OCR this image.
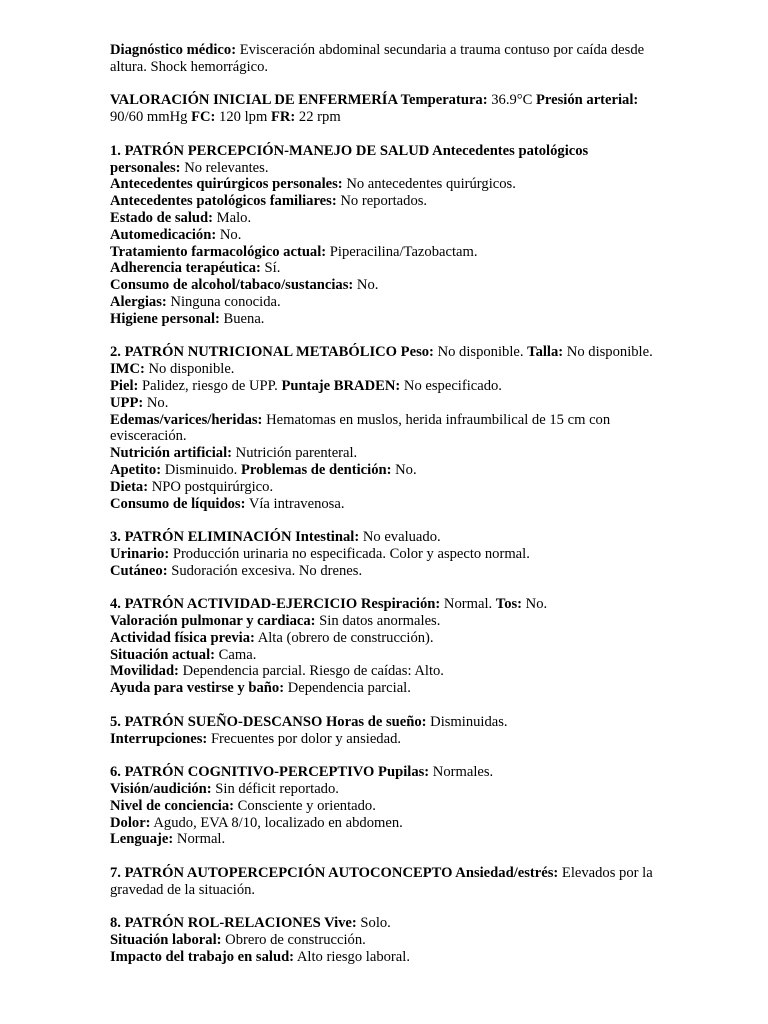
Diagnóstico médico: Evisceración abdominal secundaria a trauma contuso por caída desde altura. Shock hemorrágico.
VALORACIÓN INICIAL DE ENFERMERÍA Temperatura: 36.9°C Presión arterial: 90/60 mmHg FC: 120 lpm FR: 22 rpm
1. PATRÓN PERCEPCIÓN-MANEJO DE SALUD Antecedentes patológicos personales: No relevantes.
Antecedentes quirúrgicos personales: No antecedentes quirúrgicos.
Antecedentes patológicos familiares: No reportados.
Estado de salud: Malo.
Automedicación: No.
Tratamiento farmacológico actual: Piperacilina/Tazobactam.
Adherencia terapéutica: Sí.
Consumo de alcohol/tabaco/sustancias: No.
Alergias: Ninguna conocida.
Higiene personal: Buena.
2. PATRÓN NUTRICIONAL METABÓLICO Peso: No disponible. Talla: No disponible. IMC: No disponible.
Piel: Palidez, riesgo de UPP. Puntaje BRADEN: No especificado.
UPP: No.
Edemas/varices/heridas: Hematomas en muslos, herida infraumbilical de 15 cm con evisceración.
Nutrición artificial: Nutrición parenteral.
Apetito: Disminuido. Problemas de dentición: No.
Dieta: NPO postquirúrgico.
Consumo de líquidos: Vía intravenosa.
3. PATRÓN ELIMINACIÓN Intestinal: No evaluado.
Urinario: Producción urinaria no especificada. Color y aspecto normal.
Cutáneo: Sudoración excesiva. No drenes.
4. PATRÓN ACTIVIDAD-EJERCICIO Respiración: Normal. Tos: No.
Valoración pulmonar y cardiaca: Sin datos anormales.
Actividad física previa: Alta (obrero de construcción).
Situación actual: Cama.
Movilidad: Dependencia parcial. Riesgo de caídas: Alto.
Ayuda para vestirse y baño: Dependencia parcial.
5. PATRÓN SUEÑO-DESCANSO Horas de sueño: Disminuidas.
Interrupciones: Frecuentes por dolor y ansiedad.
6. PATRÓN COGNITIVO-PERCEPTIVO Pupilas: Normales.
Visión/audición: Sin déficit reportado.
Nivel de conciencia: Consciente y orientado.
Dolor: Agudo, EVA 8/10, localizado en abdomen.
Lenguaje: Normal.
7. PATRÓN AUTOPERCEPCIÓN AUTOCONCEPTO Ansiedad/estrés: Elevados por la gravedad de la situación.
8. PATRÓN ROL-RELACIONES Vive: Solo.
Situación laboral: Obrero de construcción.
Impacto del trabajo en salud: Alto riesgo laboral.
